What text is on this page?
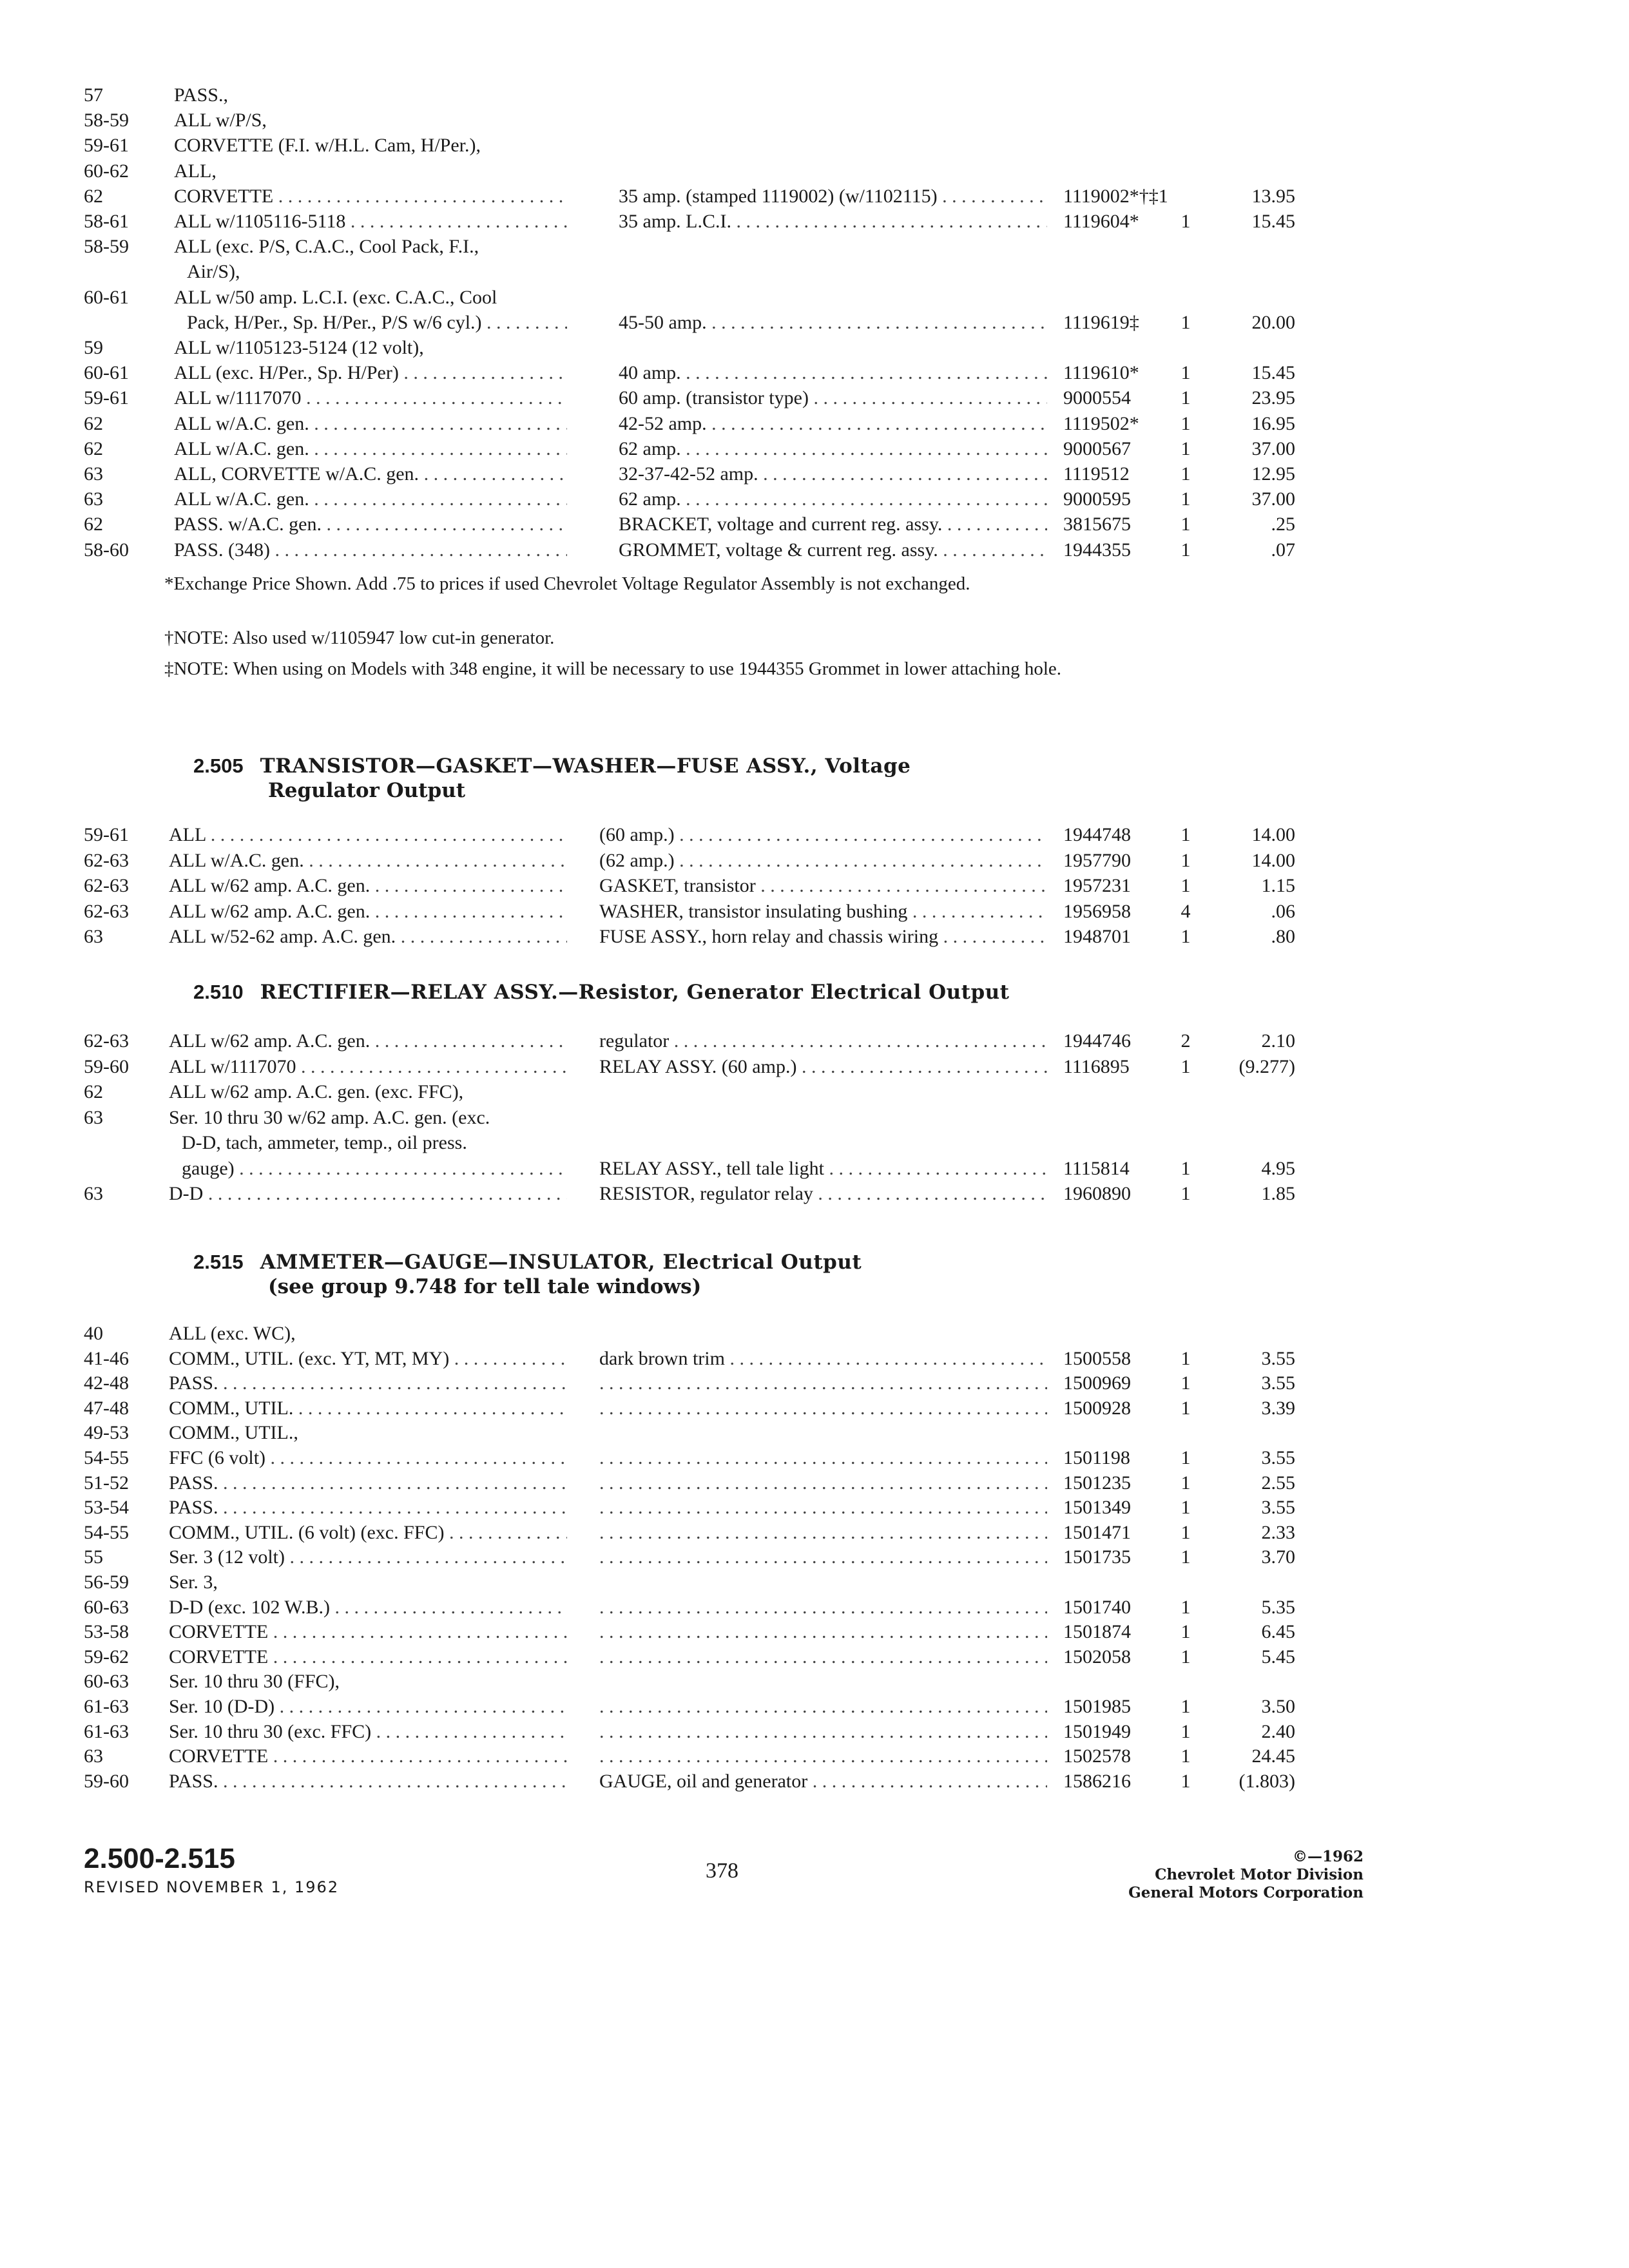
57	PASS.,
58-59 ALL w/P/S,
59-61 CORVETTE (F.I. w/H.L. Cam, H/Per.),
60-62 ALL,
62	CORVETTE . . .	35 amp. (stamped 1119002) (w/1102115) . . .	1119002*†‡1	13.95
58-61 ALL w/1105116-5118 . . .	35 amp. L.C.I. . . .	1119604*	1	15.45
58-59 ALL (exc. P/S, C.A.C., Cool Pack, F.I.,
Air/S),
60-61 ALL w/50 amp. L.C.I. (exc. C.A.C., Cool
Pack, H/Per., Sp. H/Per., P/S w/6 cyl.) . . .	45-50 amp. . . .	1119619‡	1	20.00
59	ALL w/1105123-5124 (12 volt),
60-61 ALL (exc. H/Per., Sp. H/Per) . . .	40 amp. . . .	1119610*	1	15.45
59-61 ALL w/1117070 . . .	60 amp. (transistor type) . . .	9000554	1	23.95
62	ALL w/A.C. gen. . . .	42-52 amp. . . .	1119502*	1	16.95
62	ALL w/A.C. gen. . . .	62 amp. . . .	9000567	1	37.00
63	ALL, CORVETTE w/A.C. gen. . . .	32-37-42-52 amp. . . .	1119512	1	12.95
63	ALL w/A.C. gen. . . .	62 amp. . . .	9000595	1	37.00
62	PASS. w/A.C. gen. . . .	BRACKET, voltage and current reg. assy. . . .	3815675	1	.25
58-60 PASS. (348) . . .	GROMMET, voltage & current reg. assy. . . .	1944355	1	.07
*Exchange Price Shown. Add .75 to prices if used Chevrolet Voltage Regulator Assembly is not exchanged.
†NOTE: Also used w/1105947 low cut-in generator.
‡NOTE: When using on Models with 348 engine, it will be necessary to use 1944355 Grommet in lower attaching hole.
2.505 TRANSISTOR—GASKET—WASHER—FUSE ASSY., Voltage
Regulator Output
59-61 ALL . . .	(60 amp.) . . .	1944748	1	14.00
62-63 ALL w/A.C. gen. . . .	(62 amp.) . . .	1957790	1	14.00
62-63 ALL w/62 amp. A.C. gen. . . .	GASKET, transistor . . .	1957231	1	1.15
62-63 ALL w/62 amp. A.C. gen. . . .	WASHER, transistor insulating bushing . . .	1956958	4	.06
63	ALL w/52-62 amp. A.C. gen. . . .	FUSE ASSY., horn relay and chassis wiring . . .	1948701	1	.80
2.510 RECTIFIER—RELAY ASSY.—Resistor, Generator Electrical Output
62-63 ALL w/62 amp. A.C. gen. . . .	regulator . . .	1944746	2	2.10
59-60 ALL w/1117070 . . .	RELAY ASSY. (60 amp.) . . .	1116895	1	(9.277)
62	ALL w/62 amp. A.C. gen. (exc. FFC),
63	Ser. 10 thru 30 w/62 amp. A.C. gen. (exc.
D-D, tach, ammeter, temp., oil press.
gauge) . . .	RELAY ASSY., tell tale light . . .	1115814	1	4.95
63	D-D . . .	RESISTOR, regulator relay . . .	1960890	1	1.85
2.515 AMMETER—GAUGE—INSULATOR, Electrical Output
(see group 9.748 for tell tale windows)
40	ALL (exc. WC),
41-46 COMM., UTIL. (exc. YT, MT, MY) . . .	dark brown trim . . .	1500558	1	3.55
42-48 PASS. . . . . . .	1500969	1	3.55
47-48 COMM., UTIL. . . . . . .	1500928	1	3.39
49-53 COMM., UTIL.,
54-55 FFC (6 volt) . . . . . .	1501198	1	3.55
51-52 PASS. . . . . . .	1501235	1	2.55
53-54 PASS. . . . . . .	1501349	1	3.55
54-55 COMM., UTIL. (6 volt) (exc. FFC) . . . . . .	1501471	1	2.33
55	Ser. 3 (12 volt) . . . . . .	1501735	1	3.70
56-59 Ser. 3,
60-63 D-D (exc. 102 W.B.) . . . . . .	1501740	1	5.35
53-58 CORVETTE . . . . . .	1501874	1	6.45
59-62 CORVETTE . . . . . .	1502058	1	5.45
60-63 Ser. 10 thru 30 (FFC),
61-63 Ser. 10 (D-D) . . . . . .	1501985	1	3.50
61-63 Ser. 10 thru 30 (exc. FFC) . . . . . .	1501949	1	2.40
63	CORVETTE . . . . . .	1502578	1	24.45
59-60 PASS. . . .	GAUGE, oil and generator . . .	1586216	1	(1.803)
2.500-2.515
REVISED NOVEMBER 1, 1962
378
©—1962
Chevrolet Motor Division
General Motors Corporation
